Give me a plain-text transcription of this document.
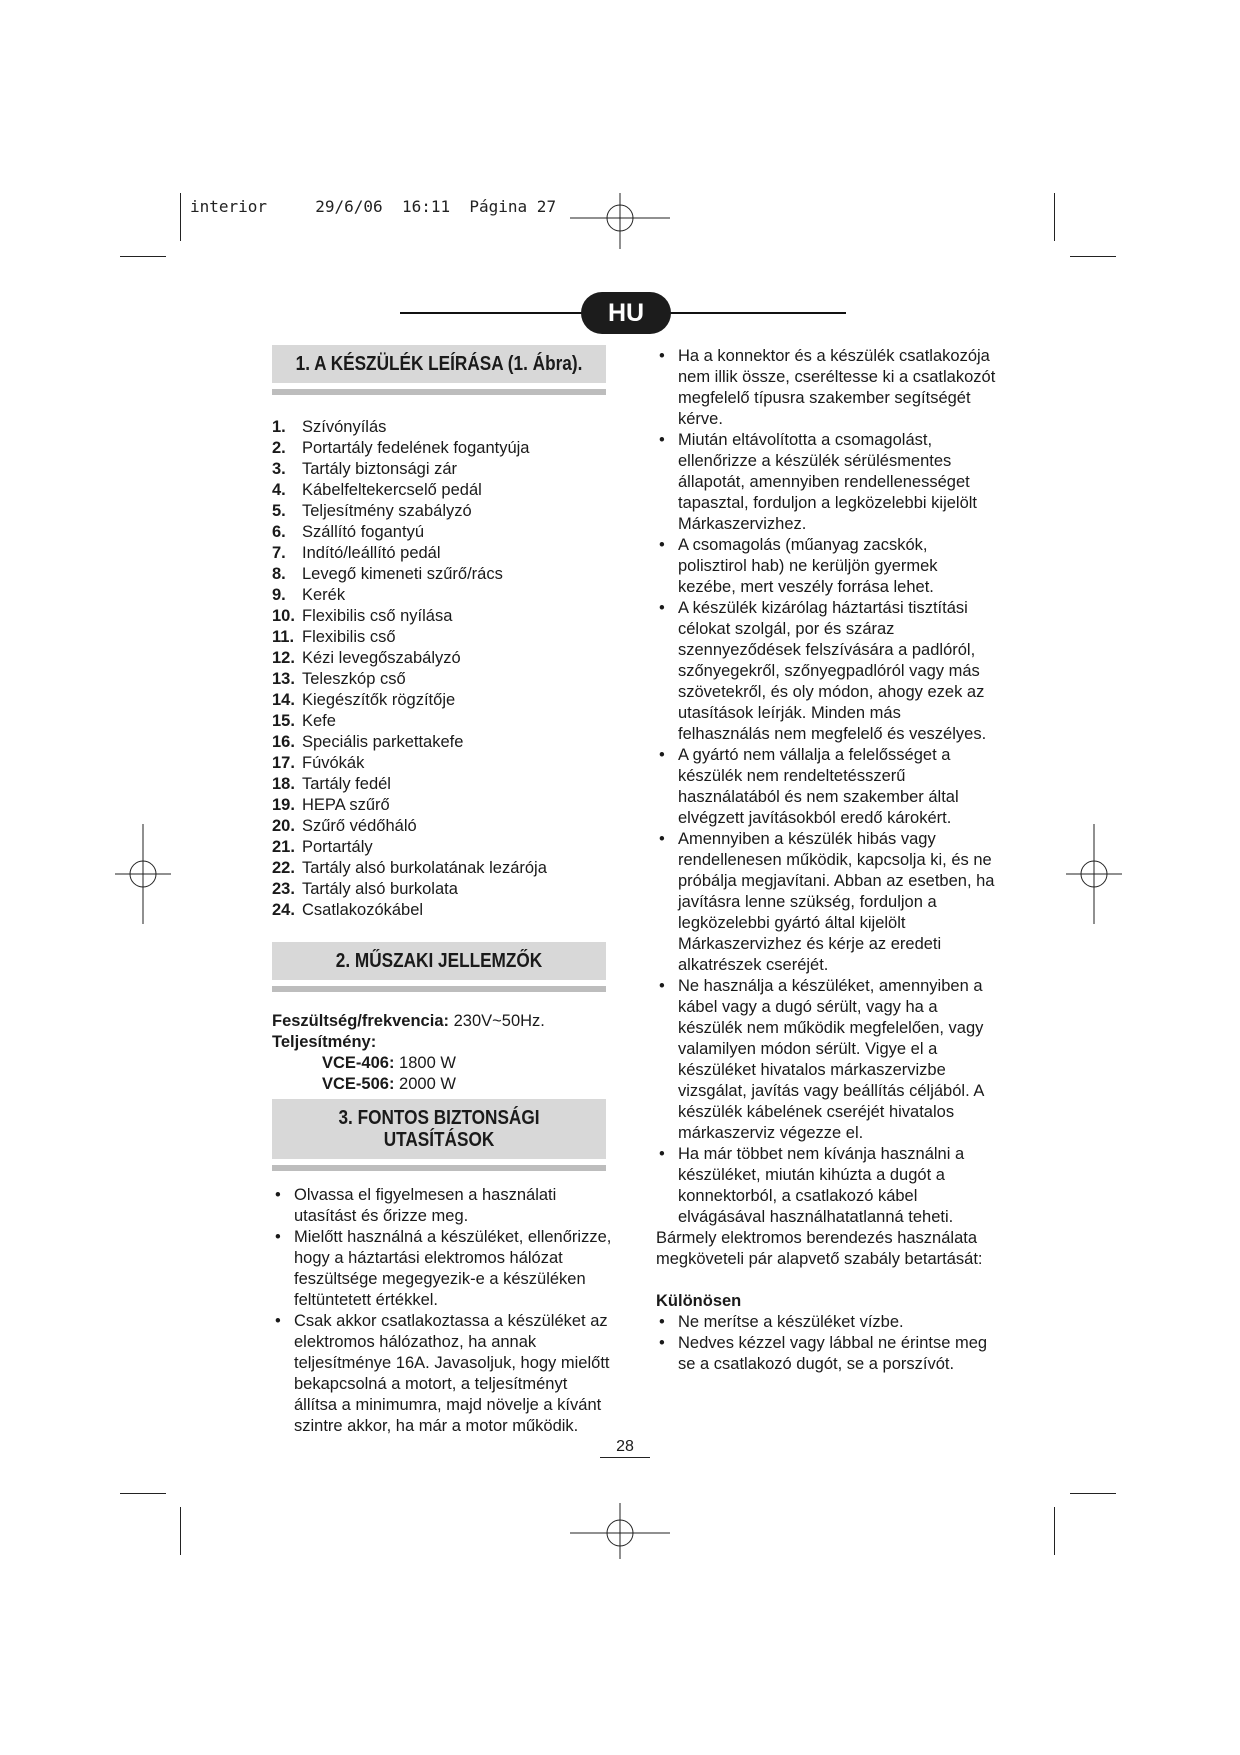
interior	29/6/06 16:11 Página 27
HU
1. A KÉSZÜLÉK LEÍRÁSA (1. Ábra).
1. Szívónyílás
2. Portartály fedelének fogantyúja
3. Tartály biztonsági zár
4. Kábelfeltekercselő pedál
5. Teljesítmény szabályzó
6. Szállító fogantyú
7. Indító/leállító pedál
8. Levegő kimeneti szűrő/rács
9. Kerék
10. Flexibilis cső nyílása
11. Flexibilis cső
12. Kézi levegőszabályzó
13. Teleszkóp cső
14. Kiegészítők rögzítője
15. Kefe
16. Speciális parkettakefe
17. Fúvókák
18. Tartály fedél
19. HEPA szűrő
20. Szűrő védőháló
21. Portartály
22. Tartály alsó burkolatának lezárója
23. Tartály alsó burkolata
24. Csatlakozókábel
2. MŰSZAKI JELLEMZŐK
Feszültség/frekvencia: 230V~50Hz.
Teljesítmény:
VCE-406: 1800 W
VCE-506: 2000 W
3. FONTOS BIZTONSÁGI
UTASÍTÁSOK
• Olvassa el figyelmesen a használati utasítást és őrizze meg.
• Mielőtt használná a készüléket, ellenőrizze, hogy a háztartási elektromos hálózat feszültsége megegyezik-e a készüléken feltüntetett értékkel.
• Csak akkor csatlakoztassa a készüléket az elektromos hálózathoz, ha annak teljesítménye 16A. Javasoljuk, hogy mielőtt bekapcsolná a motort, a teljesítményt állítsa a minimumra, majd növelje a kívánt szintre akkor, ha már a motor működik.
• Ha a konnektor és a készülék csatlakozója nem illik össze, cseréltesse ki a csatlakozót megfelelő típusra szakember segítségét kérve.
• Miután eltávolította a csomagolást, ellenőrizze a készülék sérülésmentes állapotát, amennyiben rendellenességet tapasztal, forduljon a legközelebbi kijelölt Márkaszervizhez.
• A csomagolás (műanyag zacskók, polisztirol hab) ne kerüljön gyermek kezébe, mert veszély forrása lehet.
• A készülék kizárólag háztartási tisztítási célokat szolgál, por és száraz szennyeződések felszívására a padlóról, szőnyegekről, szőnyegpadlóról vagy más szövetekről, és oly módon, ahogy ezek az utasítások leírják. Minden más felhasználás nem megfelelő és veszélyes.
• A gyártó nem vállalja a felelősséget a készülék nem rendeltetésszerű használatából és nem szakember által elvégzett javításokból eredő károkért.
• Amennyiben a készülék hibás vagy rendellenesen működik, kapcsolja ki, és ne próbálja megjavítani. Abban az esetben, ha javításra lenne szükség, forduljon a legközelebbi gyártó által kijelölt Márkaszervizhez és kérje az eredeti alkatrészek cseréjét.
• Ne használja a készüléket, amennyiben a kábel vagy a dugó sérült, vagy ha a készülék nem működik megfelelően, vagy valamilyen módon sérült. Vigye el a készüléket hivatalos márkaszervizbe vizsgálat, javítás vagy beállítás céljából. A készülék kábelének cseréjét hivatalos márkaszerviz végezze el.
• Ha már többet nem kívánja használni a készüléket, miután kihúzta a dugót a konnektorból, a csatlakozó kábel elvágásával használhatatlanná teheti.
Bármely elektromos berendezés használata megköveteli pár alapvető szabály betartását:
Különösen
• Ne merítse a készüléket vízbe.
• Nedves kézzel vagy lábbal ne érintse meg se a csatlakozó dugót, se a porszívót.
28
